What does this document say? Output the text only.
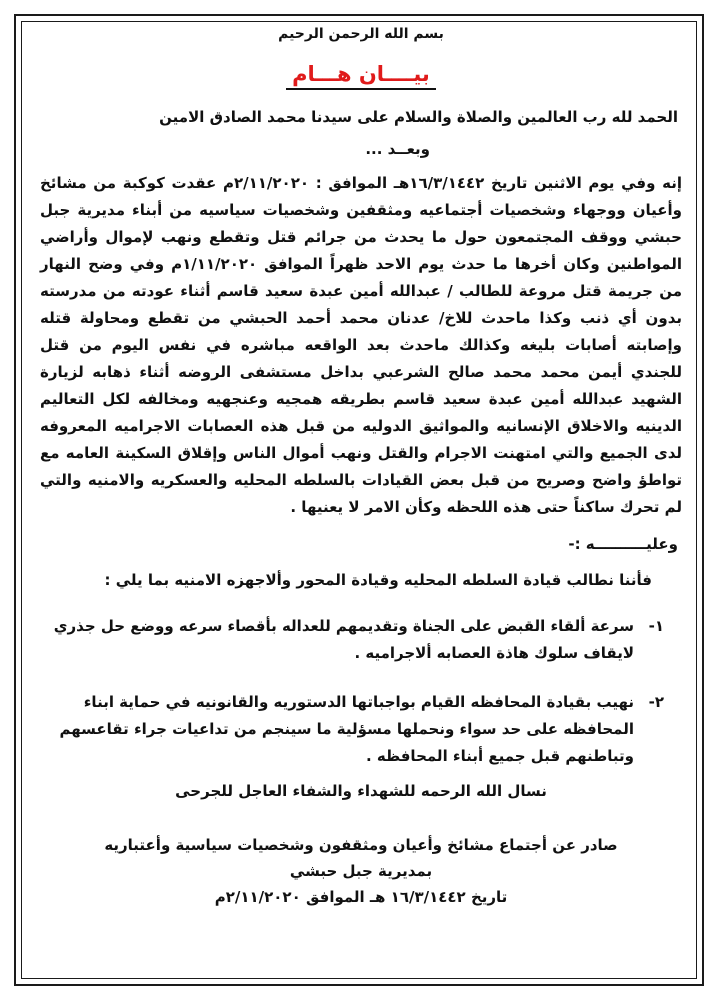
بسم الله الرحمن الرحيم
بيــــان هـــام
الحمد لله رب العالمين والصلاة والسلام على سيدنا محمد الصادق الامين
وبعــد ...

إنه وفي يوم الاثنين تاريخ ١٦/٣/١٤٤٢هـ الموافق : ٢/١١/٢٠٢٠م عقدت كوكبة من مشائخ وأعيان ووجهاء وشخصيات أجتماعيه ومثقفين وشخصيات سياسيه من أبناء مديرية جبل حبشي ووقف المجتمعون حول ما يحدث من جرائم قتل وتقطع ونهب لإموال وأراضي المواطنين وكان أخرها ما حدث يوم الاحد ظهراً الموافق ١/١١/٢٠٢٠م وفي وضح النهار من جريمة قتل مروعة للطالب / عبدالله أمين عبدة سعيد قاسم أثناء عودته من مدرسته بدون أي ذنب وكذا ماحدث للاخ/ عدنان محمد أحمد الحبشي من تقطع ومحاولة قتله وإصابته أصابات بليغه وكذالك ماحدث بعد الواقعه مباشره في نفس اليوم من قتل للجندي أيمن محمد محمد صالح الشرعبي بداخل مستشفى الروضه أثناء ذهابه لزيارة الشهيد عبدالله أمين عبدة سعيد قاسم بطريقه همجيه وعنجهيه ومخالفه لكل التعاليم الدينيه والاخلاق الإنسانيه والمواثيق الدوليه من قبل هذه العصابات الاجراميه المعروفه لدى الجميع والتي امتهنت الاجرام والقتل ونهب أموال الناس وإقلاق السكينة العامه مع تواطؤ واضح وصريح من قبل بعض القيادات بالسلطه المحليه والعسكريه والامنيه والتي لم تحرك ساكناً حتى هذه اللحظه وكأن الامر لا يعنيها .

وعليــــــــــه :-
فأننا نطالب قيادة السلطه المحليه وقيادة المحور وألاجهزه الامنيه بما يلي :
١-
سرعة ألقاء القبض على الجناة وتقديمهم للعداله بأقصاء سرعه ووضع حل جذري لايقاف سلوك هاذة العصابه ألاجراميه .
٢-
نهيب بقيادة المحافظه القيام بواجباتها الدستوريه والقانونيه في حماية ابناء المحافظه على حد سواء ونحملها مسؤلية ما سينجم من تداعيات جراء تقاعسهم وتباطنهم قبل جميع أبناء المحافظه .
نسال الله الرحمه للشهداء والشفاء العاجل للجرحى
صادر عن أجتماع مشائخ وأعيان ومثقفون وشخصيات سياسية وأعتباريه
بمديرية جبل حبشي
تاريخ ١٦/٣/١٤٤٢ هـ الموافق ٢/١١/٢٠٢٠م
